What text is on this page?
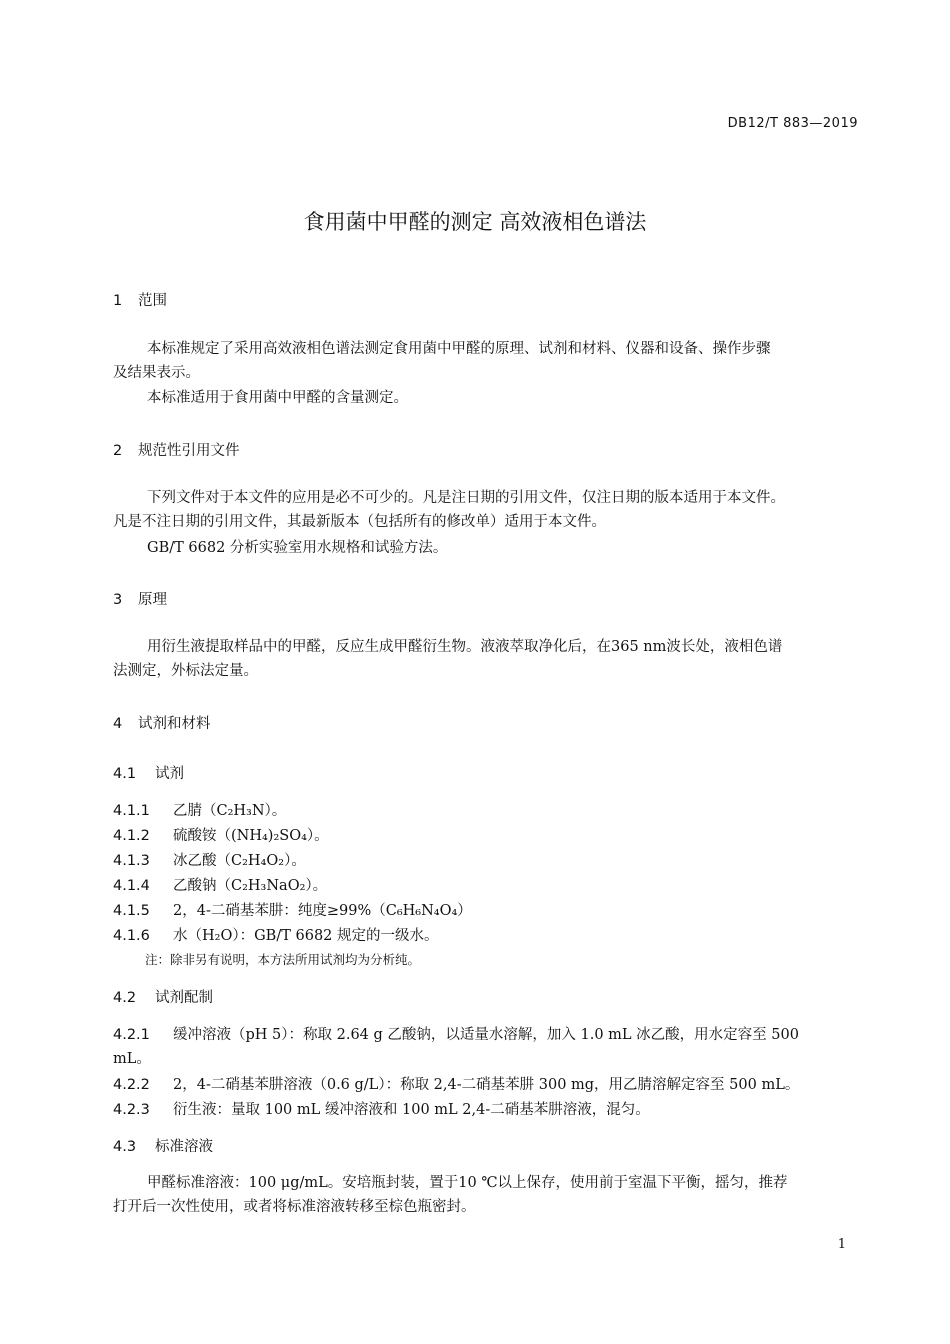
DB12/T 883—2019
食用菌中甲醛的测定 高效液相色谱法
1 范围
本标准规定了采用高效液相色谱法测定食用菌中甲醛的原理、试剂和材料、仪器和设备、操作步骤
及结果表示。
本标准适用于食用菌中甲醛的含量测定。
2 规范性引用文件
下列文件对于本文件的应用是必不可少的。凡是注日期的引用文件，仅注日期的版本适用于本文件。
凡是不注日期的引用文件，其最新版本（包括所有的修改单）适用于本文件。
GB/T 6682 分析实验室用水规格和试验方法。
3 原理
用衍生液提取样品中的甲醛，反应生成甲醛衍生物。液液萃取净化后，在365 nm波长处，液相色谱
法测定，外标法定量。
4 试剂和材料
4.1 试剂
4.1.1 乙腈（C₂H₃N）。
4.1.2 硫酸铵（(NH₄)₂SO₄）。
4.1.3 冰乙酸（C₂H₄O₂）。
4.1.4 乙酸钠（C₂H₃NaO₂）。
4.1.5 2，4-二硝基苯肼：纯度≥99%（C₆H₆N₄O₄）
4.1.6 水（H₂O）：GB/T 6682 规定的一级水。
注：除非另有说明，本方法所用试剂均为分析纯。
4.2 试剂配制
4.2.1 缓冲溶液（pH 5）：称取 2.64 g 乙酸钠，以适量水溶解，加入 1.0 mL 冰乙酸，用水定容至 500
mL。
4.2.2 2，4-二硝基苯肼溶液（0.6 g/L）：称取 2,4-二硝基苯肼 300 mg，用乙腈溶解定容至 500 mL。
4.2.3 衍生液：量取 100 mL 缓冲溶液和 100 mL 2,4-二硝基苯肼溶液，混匀。
4.3 标准溶液
甲醛标准溶液：100 μg/mL。安培瓶封装，置于10 ℃以上保存，使用前于室温下平衡，摇匀，推荐
打开后一次性使用，或者将标准溶液转移至棕色瓶密封。
1
